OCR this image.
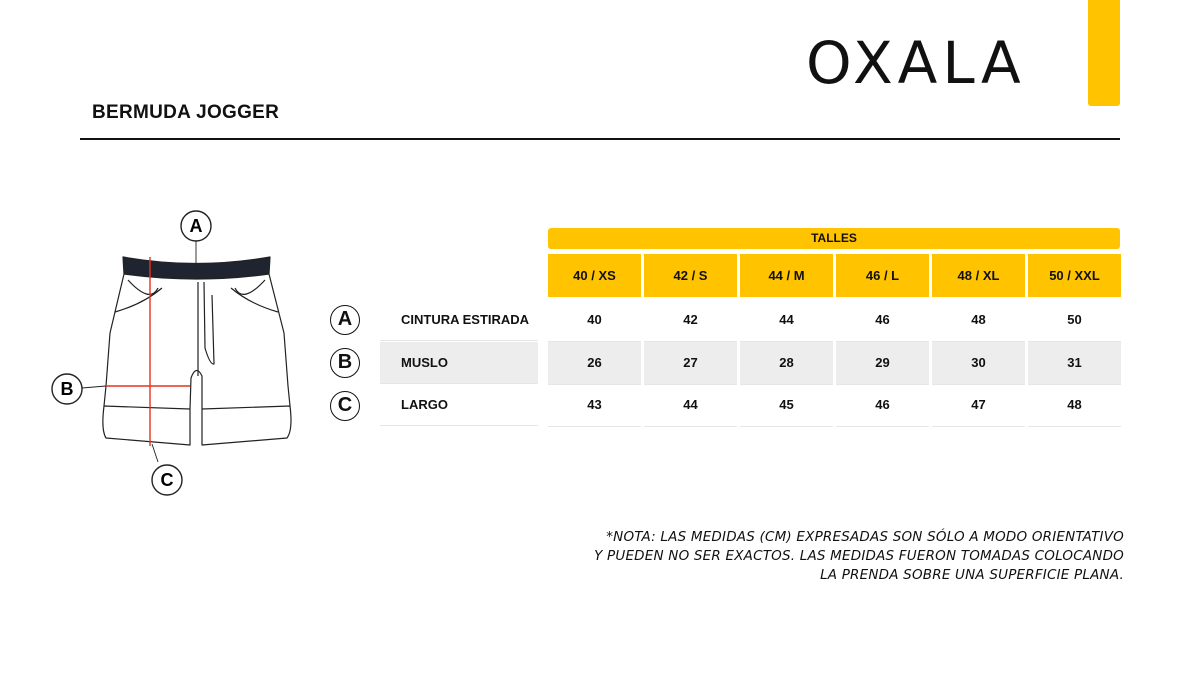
OXALA
BERMUDA JOGGER
A
B
C
TALLES
40 / XS	42 / S	44 / M	46 / L	48 / XL	50 / XXL
A	CINTURA ESTIRADA	40	42	44	46	48	50
B	MUSLO	26	27	28	29	30	31
C	LARGO	43	44	45	46	47	48
*NOTA: LAS MEDIDAS (CM) EXPRESADAS SON SÓLO A MODO ORIENTATIVO
Y PUEDEN NO SER EXACTOS. LAS MEDIDAS FUERON TOMADAS COLOCANDO
LA PRENDA SOBRE UNA SUPERFICIE PLANA.
